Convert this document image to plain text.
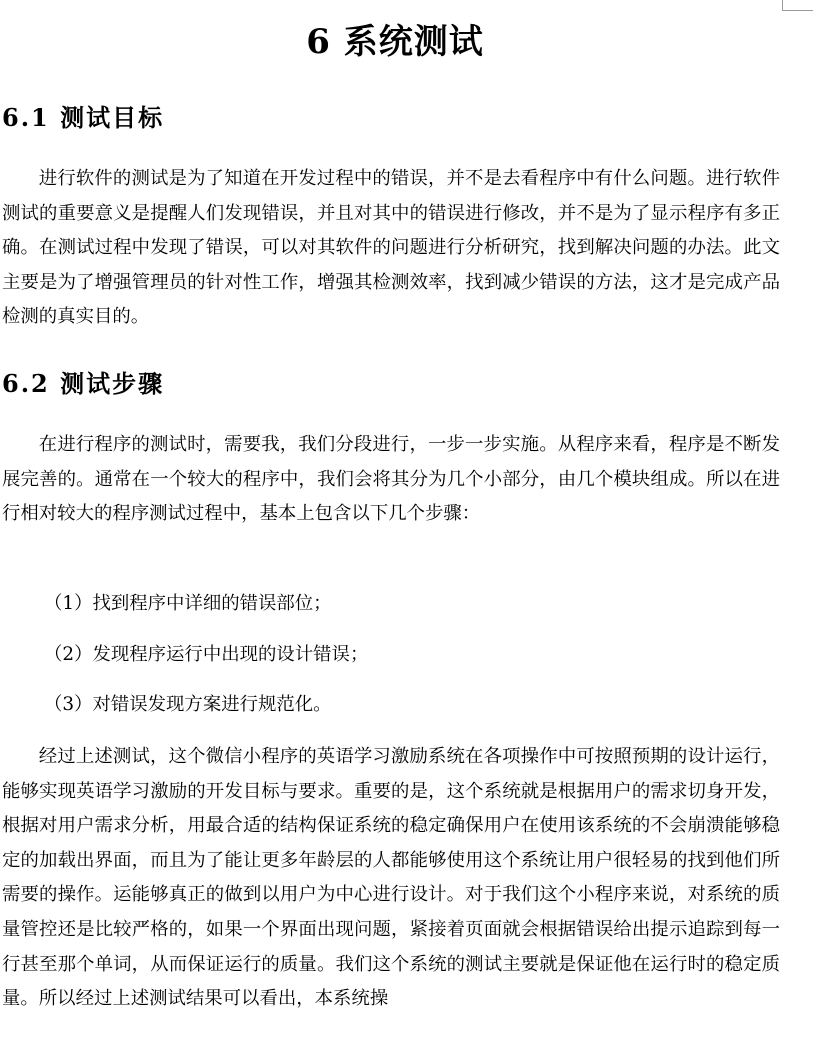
6 系统测试
6.1 测试目标

进行软件的测试是为了知道在开发过程中的错误，并不是去看程序中有什么问题。进行软件测试的重要意义是提醒人们发现错误，并且对其中的错误进行修改，并不是为了显示程序有多正确。在测试过程中发现了错误，可以对其软件的问题进行分析研究，找到解决问题的办法。此文主要是为了增强管理员的针对性工作，增强其检测效率，找到减少错误的方法，这才是完成产品检测的真实目的。

6.2 测试步骤

在进行程序的测试时，需要我，我们分段进行，一步一步实施。从程序来看，程序是不断发展完善的。通常在一个较大的程序中，我们会将其分为几个小部分，由几个模块组成。所以在进行相对较大的程序测试过程中，基本上包含以下几个步骤：

（1）找到程序中详细的错误部位；

（2）发现程序运行中出现的设计错误；

（3）对错误发现方案进行规范化。

经过上述测试，这个微信小程序的英语学习激励系统在各项操作中可按照预期的设计运行，能够实现英语学习激励的开发目标与要求。重要的是，这个系统就是根据用户的需求切身开发，根据对用户需求分析，用最合适的结构保证系统的稳定确保用户在使用该系统的不会崩溃能够稳定的加载出界面，而且为了能让更多年龄层的人都能够使用这个系统让用户很轻易的找到他们所需要的操作。运能够真正的做到以用户为中心进行设计。对于我们这个小程序来说，对系统的质量管控还是比较严格的，如果一个界面出现问题，紧接着页面就会根据错误给出提示追踪到每一行甚至那个单词，从而保证运行的质量。我们这个系统的测试主要就是保证他在运行时的稳定质量。所以经过上述测试结果可以看出，本系统操
